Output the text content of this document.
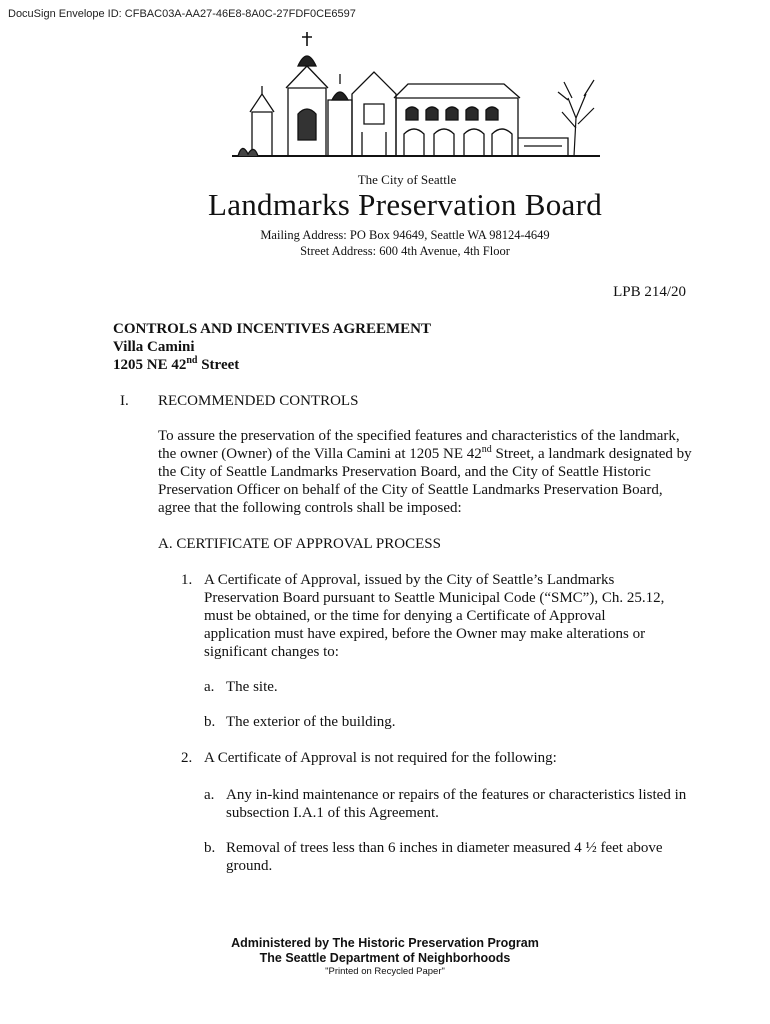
DocuSign Envelope ID: CFBAC03A-AA27-46E8-8A0C-27FDF0CE6597
The City of Seattle
Landmarks Preservation Board
Mailing Address: PO Box 94649, Seattle WA 98124-4649
Street Address: 600 4th Avenue, 4th Floor
LPB 214/20
CONTROLS AND INCENTIVES AGREEMENT
Villa Camini
1205 NE 42nd Street
I. RECOMMENDED CONTROLS
To assure the preservation of the specified features and characteristics of the landmark,
the owner (Owner) of the Villa Camini at 1205 NE 42nd Street, a landmark designated by
the City of Seattle Landmarks Preservation Board, and the City of Seattle Historic
Preservation Officer on behalf of the City of Seattle Landmarks Preservation Board,
agree that the following controls shall be imposed:
A. CERTIFICATE OF APPROVAL PROCESS
1. A Certificate of Approval, issued by the City of Seattle’s Landmarks
Preservation Board pursuant to Seattle Municipal Code (“SMC”), Ch. 25.12,
must be obtained, or the time for denying a Certificate of Approval
application must have expired, before the Owner may make alterations or
significant changes to:
a. The site.
b. The exterior of the building.
2. A Certificate of Approval is not required for the following:
a. Any in-kind maintenance or repairs of the features or characteristics listed in
subsection I.A.1 of this Agreement.
b. Removal of trees less than 6 inches in diameter measured 4 ½ feet above
ground.
Administered by The Historic Preservation Program
The Seattle Department of Neighborhoods
"Printed on Recycled Paper"
